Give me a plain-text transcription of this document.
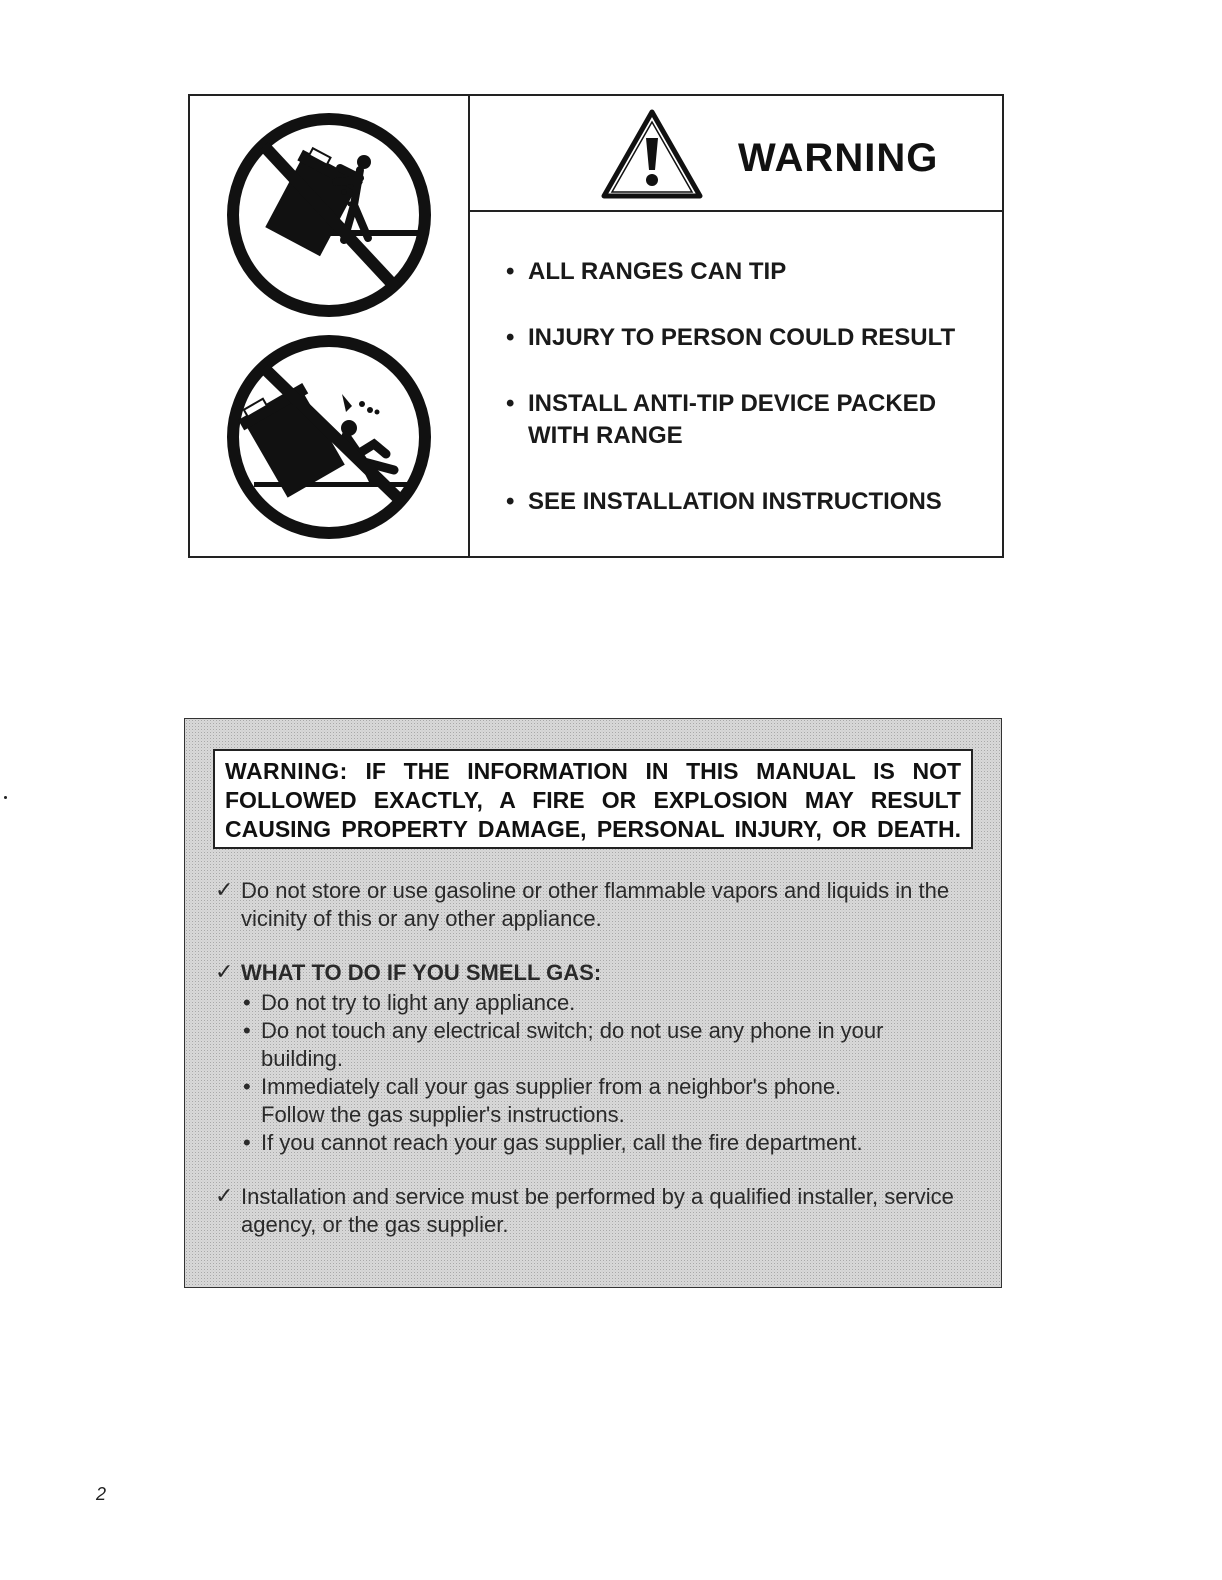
WARNING
• ALL RANGES CAN TIP
• INJURY TO PERSON COULD RESULT
• INSTALL ANTI-TIP DEVICE PACKED WITH RANGE
• SEE INSTALLATION INSTRUCTIONS
WARNING: IF THE INFORMATION IN THIS MANUAL IS NOT
FOLLOWED EXACTLY, A FIRE OR EXPLOSION MAY RESULT
CAUSING PROPERTY DAMAGE, PERSONAL INJURY, OR DEATH.
✓ Do not store or use gasoline or other flammable vapors and liquids in the vicinity of this or any other appliance.
✓ WHAT TO DO IF YOU SMELL GAS:
• Do not try to light any appliance.
• Do not touch any electrical switch; do not use any phone in your building.
• Immediately call your gas supplier from a neighbor's phone. Follow the gas supplier's instructions.
• If you cannot reach your gas supplier, call the fire department.
✓ Installation and service must be performed by a qualified installer, service agency, or the gas supplier.
2
